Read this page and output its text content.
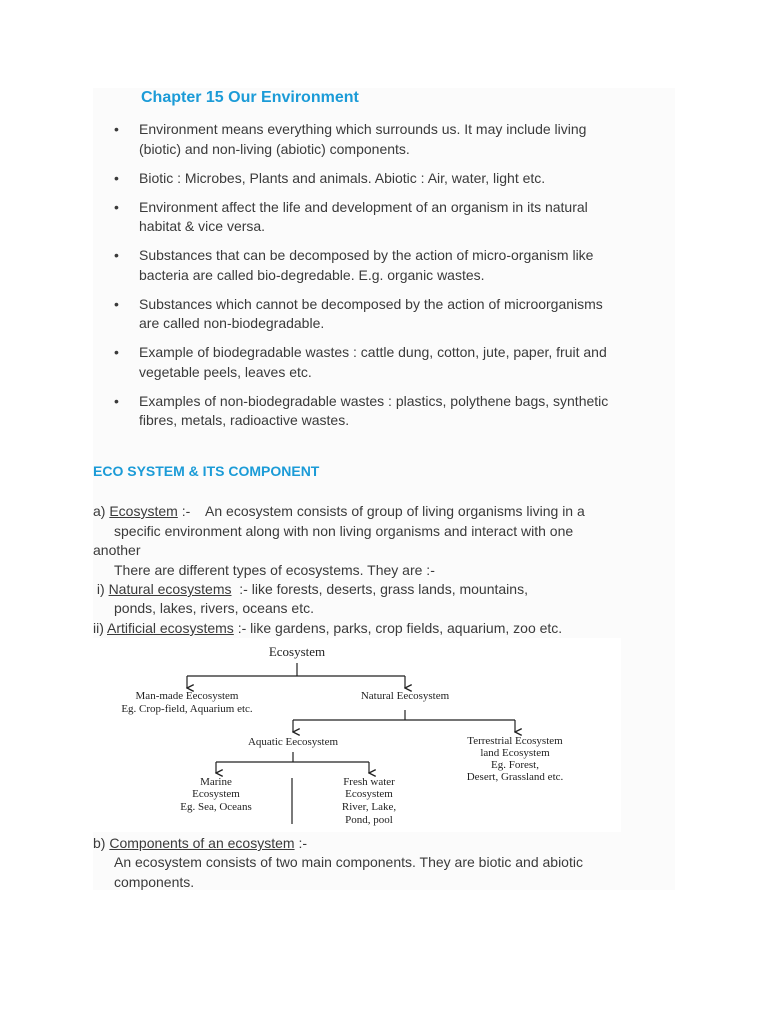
Chapter 15 Our Environment
•	Environment means everything which surrounds us. It may include living
(biotic) and non-living (abiotic) components.
•	Biotic : Microbes, Plants and animals. Abiotic : Air, water, light etc.
•	Environment affect the life and development of an organism in its natural
habitat & vice versa.
•	Substances that can be decomposed by the action of micro-organism like
bacteria are called bio-degredable. E.g. organic wastes.
•	Substances which cannot be decomposed by the action of microorganisms
are called non-biodegradable.
•	Example of biodegradable wastes : cattle dung, cotton, jute, paper, fruit and
vegetable peels, leaves etc.
•	Examples of non-biodegradable wastes : plastics, polythene bags, synthetic
fibres, metals, radioactive wastes.
ECO SYSTEM & ITS COMPONENT
a) Ecosystem :-    An ecosystem consists of group of living organisms living in a
specific environment along with non living organisms and interact with one
another
There are different types of ecosystems. They are :-
i) Natural ecosystems  :- like forests, deserts, grass lands, mountains,
ponds, lakes, rivers, oceans etc.
ii) Artificial ecosystems :- like gardens, parks, crop fields, aquarium, zoo etc.
Ecosystem
Man-made Eecosystem
Eg. Crop-field, Aquarium etc.
Natural Eecosystem
Aquatic Eecosystem	Terrestrial Ecosystem
land Ecosystem
Eg. Forest,
Desert, Grassland etc.
Marine
Ecosystem
Eg. Sea, Oceans
Fresh water
Ecosystem
River, Lake,
Pond, pool
b) Components of an ecosystem :-
An ecosystem consists of two main components. They are biotic and abiotic
components.
